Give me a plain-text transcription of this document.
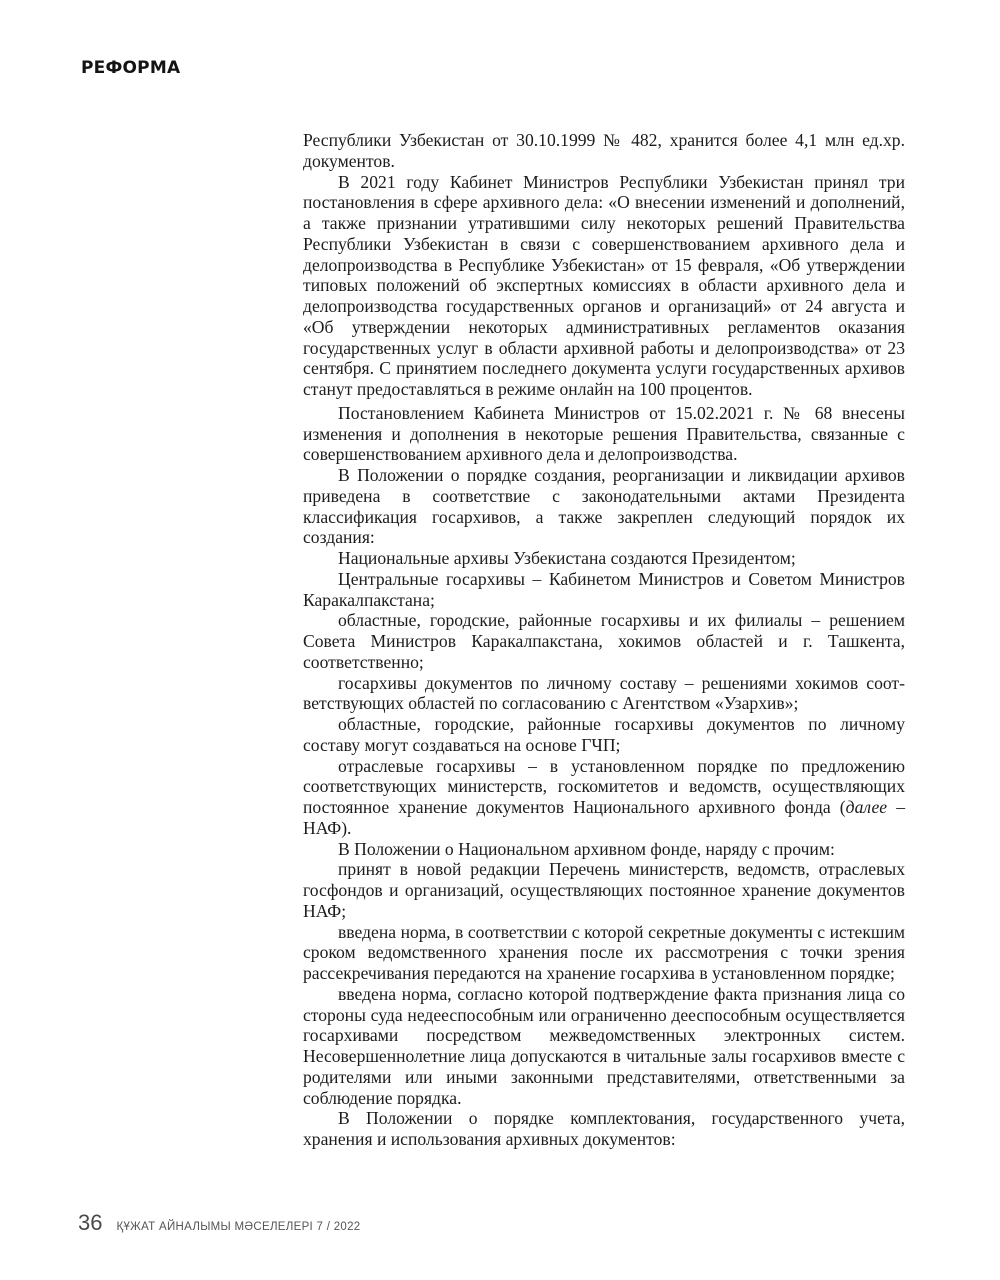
РЕФОРМА

Республики Узбекистан от 30.10.1999 № 482, хранится более 4,1 млн ед.хр. документов.

В 2021 году Кабинет Министров Республики Узбекистан принял три постановления в сфере архивного дела: «О внесении изменений и дополнений, а также признании утратившими силу некоторых решений Правительства Республики Узбекистан в связи с совершенствованием архивного дела и делопроизводства в Республике Узбекистан» от 15 февраля, «Об утверждении типовых положений об экспертных комиссиях в области архивного дела и делопроизводства государственных органов и организаций» от 24 августа и «Об утверждении некоторых административных регламентов оказания государственных услуг в области архивной работы и делопроизводства» от 23 сентября. С принятием последнего документа услуги государственных архивов станут предоставляться в режиме онлайн на 100 процентов.

Постановлением Кабинета Министров от 15.02.2021 г. № 68 внесены изменения и дополнения в некоторые решения Правительства, связанные с совершенствованием архивного дела и делопроизводства.

В Положении о порядке создания, реорганизации и ликвидации архивов приведена в соответствие с законодательными актами Президента классификация госархивов, а также закреплен следующий порядок их создания:

Национальные архивы Узбекистана создаются Президентом;

Центральные госархивы – Кабинетом Министров и Советом Министров Каракалпакстана;

областные, городские, районные госархивы и их филиалы – решением Совета Министров Каракалпакстана, хокимов областей и г. Ташкента, соответственно;

госархивы документов по личному составу – решениями хокимов соответствующих областей по согласованию с Агентством «Узархив»;

областные, городские, районные госархивы документов по личному составу могут создаваться на основе ГЧП;

отраслевые госархивы – в установленном порядке по предложению соответствующих министерств, госкомитетов и ведомств, осуществляющих постоянное хранение документов Национального архивного фонда (далее – НАФ).

В Положении о Национальном архивном фонде, наряду с прочим:

принят в новой редакции Перечень министерств, ведомств, отраслевых госфондов и организаций, осуществляющих постоянное хранение документов НАФ;

введена норма, в соответствии с которой секретные документы с истекшим сроком ведомственного хранения после их рассмотрения с точки зрения рассекречивания передаются на хранение госархива в установленном порядке;

введена норма, согласно которой подтверждение факта признания лица со стороны суда недееспособным или ограниченно дееспособным осуществляется госархивами посредством межведомственных электронных систем. Несовершеннолетние лица допускаются в читальные залы госархивов вместе с родителями или иными законными представителями, ответственными за соблюдение порядка.

В Положении о порядке комплектования, государственного учета, хранения и использования архивных документов:

36 ҚҰЖАТ АЙНАЛЫМЫ МӘСЕЛЕЛЕРІ 7 / 2022
